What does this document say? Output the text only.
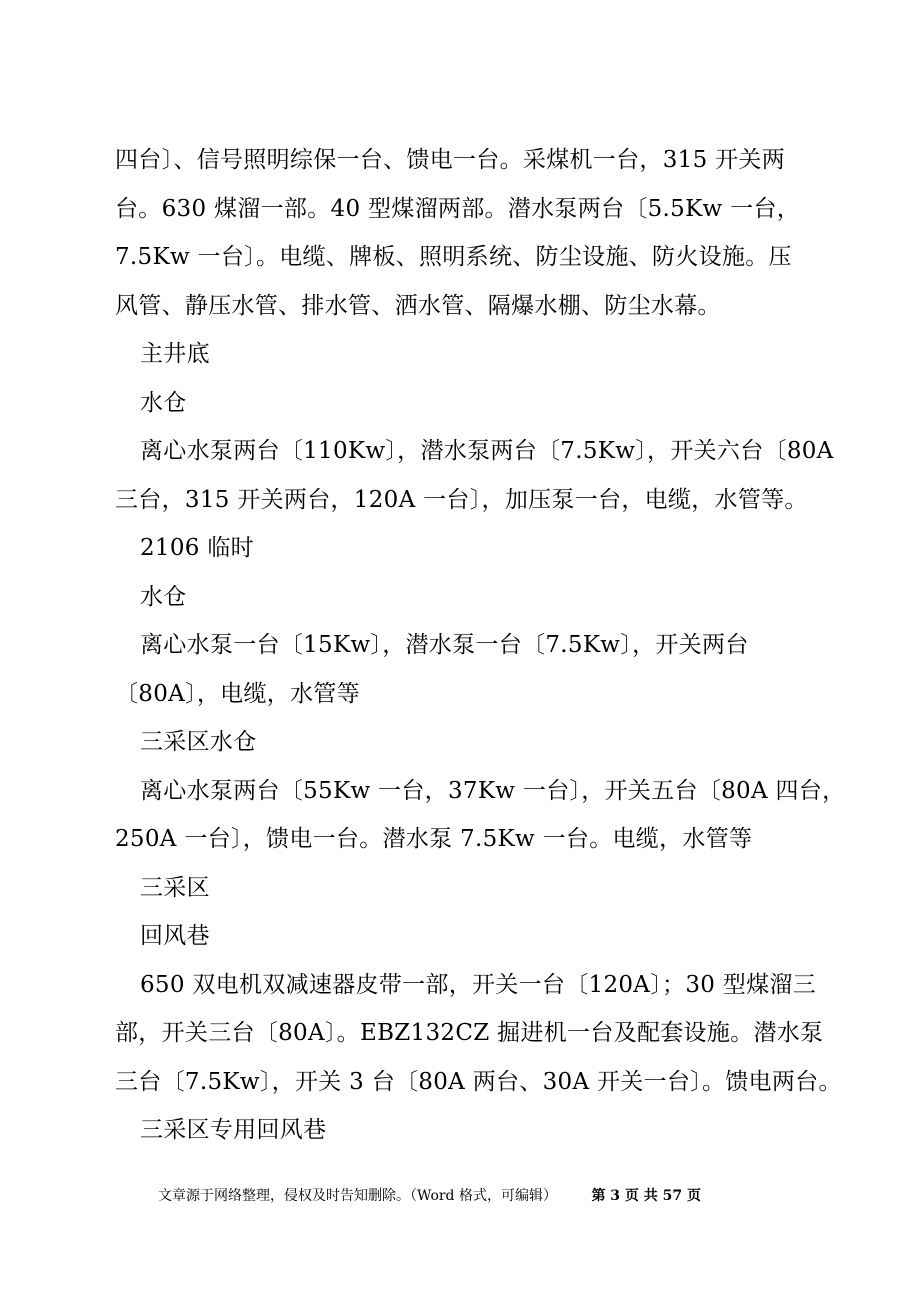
四台〕、信号照明综保一台、馈电一台。采煤机一台，315 开关两
台。630 煤溜一部。40 型煤溜两部。潜水泵两台〔5.5Kw 一台，
7.5Kw 一台〕。电缆、牌板、照明系统、防尘设施、防火设施。压
风管、静压水管、排水管、洒水管、隔爆水棚、防尘水幕。
主井底
水仓
离心水泵两台〔110Kw〕，潜水泵两台〔7.5Kw〕，开关六台〔80A
三台，315 开关两台，120A 一台〕，加压泵一台，电缆，水管等。
2106 临时
水仓
离心水泵一台〔15Kw〕，潜水泵一台〔7.5Kw〕，开关两台
〔80A〕，电缆，水管等
三采区水仓
离心水泵两台〔55Kw 一台，37Kw 一台〕，开关五台〔80A 四台，
250A 一台〕，馈电一台。潜水泵 7.5Kw 一台。电缆，水管等
三采区
回风巷
650 双电机双减速器皮带一部，开关一台〔120A〕；30 型煤溜三
部，开关三台〔80A〕。EBZ132CZ 掘进机一台及配套设施。潜水泵
三台〔7.5Kw〕，开关 3 台〔80A 两台、30A 开关一台〕。馈电两台。
三采区专用回风巷
文章源于网络整理，侵权及时告知删除。（Word 格式，可编辑） 第 3 页 共 57 页
